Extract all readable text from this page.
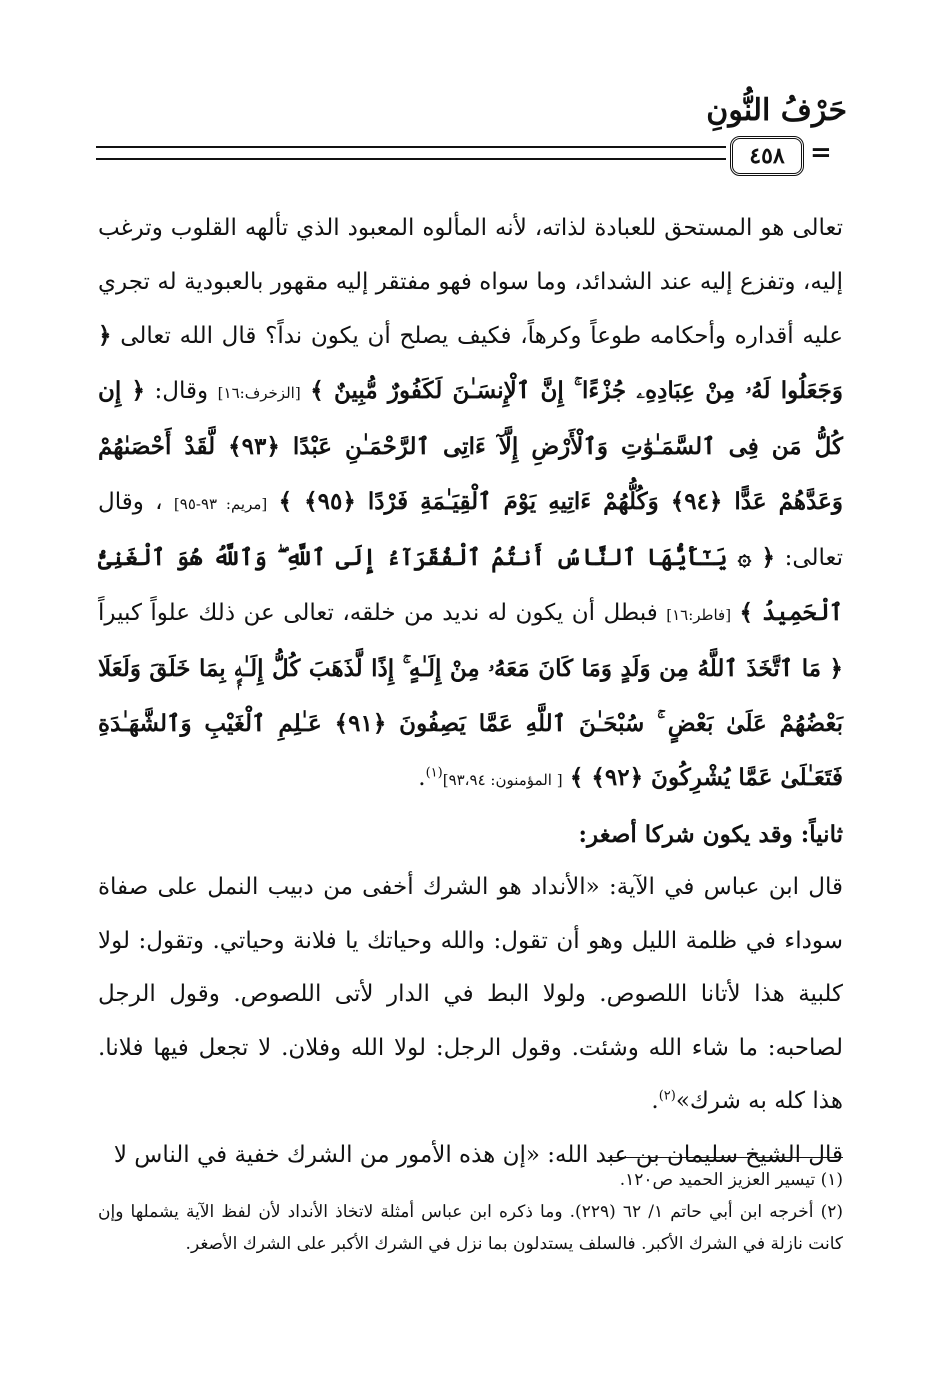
حَرْفُ النُّونِ
٤٥٨ =

تعالى هو المستحق للعبادة لذاته، لأنه المألوه المعبود الذي تألهه القلوب وترغب إليه، وتفزع إليه عند الشدائد، وما سواه فهو مفتقر إليه مقهور بالعبودية له تجري عليه أقداره وأحكامه طوعاً وكرهاً، فكيف يصلح أن يكون نداً؟ قال الله تعالى ﴿ وَجَعَلُوا لَهُۥ مِنْ عِبَادِهِۦ جُزْءًا ۚ إِنَّ ٱلْإِنسَـٰنَ لَكَفُورٌ مُّبِينٌ ﴾ [الزخرف:١٦] وقال: ﴿ إِن كُلُّ مَن فِى ٱلسَّمَـٰوَٰتِ وَٱلْأَرْضِ إِلَّآ ءَاتِى ٱلرَّحْمَـٰنِ عَبْدًا ﴿٩٣﴾ لَّقَدْ أَحْصَىٰهُمْ وَعَدَّهُمْ عَدًّا ﴿٩٤﴾ وَكُلُّهُمْ ءَاتِيهِ يَوْمَ ٱلْقِيَـٰمَةِ فَرْدًا ﴿٩٥﴾ ﴾ [مريم: ٩٣-٩٥] ، وقال تعالى: ﴿ ۞ يَـٰٓأَيُّهَا ٱلنَّاسُ أَنتُمُ ٱلْفُقَرَآءُ إِلَى ٱللَّهِ ۖ وَٱللَّهُ هُوَ ٱلْغَنِىُّ ٱلْحَمِيدُ ﴾ [فاطر:١٦] فبطل أن يكون له نديد من خلقه، تعالى عن ذلك علواً كبيراً ﴿ مَا ٱتَّخَذَ ٱللَّهُ مِن وَلَدٍ وَمَا كَانَ مَعَهُۥ مِنْ إِلَـٰهٍ ۚ إِذًا لَّذَهَبَ كُلُّ إِلَـٰهٍۭ بِمَا خَلَقَ وَلَعَلَا بَعْضُهُمْ عَلَىٰ بَعْضٍ ۚ سُبْحَـٰنَ ٱللَّهِ عَمَّا يَصِفُونَ ﴿٩١﴾ عَـٰلِمِ ٱلْغَيْبِ وَٱلشَّهَـٰدَةِ فَتَعَـٰلَىٰ عَمَّا يُشْرِكُونَ ﴿٩٢﴾ ﴾ [ المؤمنون: ٩٣،٩٤]$^{(١)}$.

ثانياً: وقد يكون شركا أصغر:

قال ابن عباس في الآية: «الأنداد هو الشرك أخفى من دبيب النمل على صفاة سوداء في ظلمة الليل وهو أن تقول: والله وحياتك يا فلانة وحياتي. وتقول: لولا كلبية هذا لأتانا اللصوص. ولولا البط في الدار لأتى اللصوص. وقول الرجل لصاحبه: ما شاء الله وشئت. وقول الرجل: لولا الله وفلان. لا تجعل فيها فلانا. هذا كله به شرك»$^{(٢)}$.

قال الشيخ سليمان بن عبد الله: «إن هذه الأمور من الشرك خفية في الناس لا

(١) تيسير العزيز الحميد ص١٢٠.

(٢) أخرجه ابن أبي حاتم ١/ ٦٢ (٢٢٩). وما ذكره ابن عباس أمثلة لاتخاذ الأنداد لأن لفظ الآية يشملها وإن كانت نازلة في الشرك الأكبر. فالسلف يستدلون بما نزل في الشرك الأكبر على الشرك الأصغر.
